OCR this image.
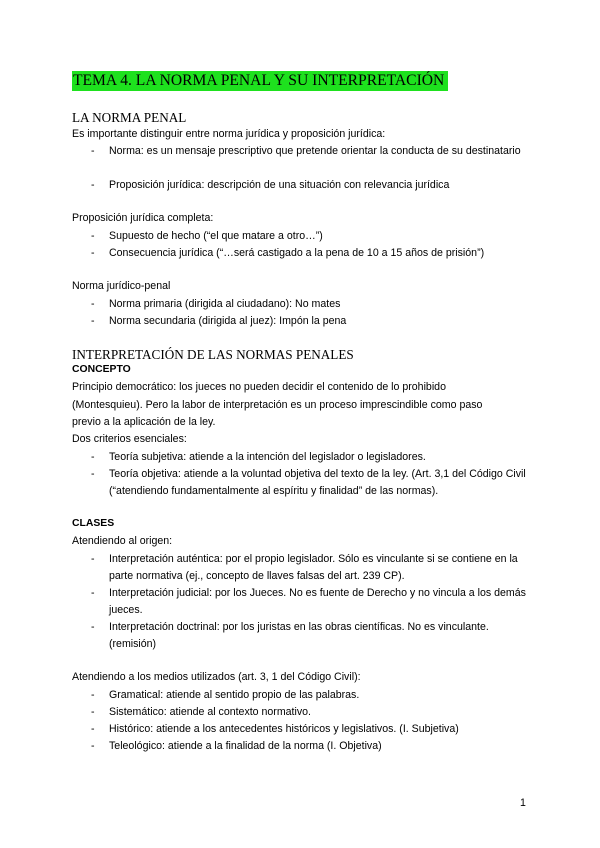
TEMA 4. LA NORMA PENAL Y SU INTERPRETACIÓN
LA NORMA PENAL

Es importante distinguir entre norma jurídica y proposición jurídica:

- Norma: es un mensaje prescriptivo que pretende orientar la conducta de su destinatario
- Proposición jurídica: descripción de una situación con relevancia jurídica

Proposición jurídica completa:

- Supuesto de hecho (“el que matare a otro…”)
- Consecuencia jurídica (“…será castigado a la pena de 10 a 15 años de prisión”)

Norma jurídico-penal

- Norma primaria (dirigida al ciudadano): No mates
- Norma secundaria (dirigida al juez): Impón la pena
INTERPRETACIÓN DE LAS NORMAS PENALES
CONCEPTO

Principio democrático: los jueces no pueden decidir el contenido de lo prohibido

(Montesquieu). Pero la labor de interpretación es un proceso imprescindible como paso

previo a la aplicación de la ley.

Dos criterios esenciales:

- Teoría subjetiva: atiende a la intención del legislador o legisladores.
- Teoría objetiva: atiende a la voluntad objetiva del texto de la ley. (Art. 3,1 del Código Civil (“atendiendo fundamentalmente al espíritu y finalidad” de las normas).
CLASES

Atendiendo al origen:

- Interpretación auténtica: por el propio legislador. Sólo es vinculante si se contiene en la parte normativa (ej., concepto de llaves falsas del art. 239 CP).
- Interpretación judicial: por los Jueces. No es fuente de Derecho y no vincula a los demás jueces.
- Interpretación doctrinal: por los juristas en las obras científicas. No es vinculante. (remisión)

Atendiendo a los medios utilizados (art. 3, 1 del Código Civil):

- Gramatical: atiende al sentido propio de las palabras.
- Sistemático: atiende al contexto normativo.
- Histórico: atiende a los antecedentes históricos y legislativos. (I. Subjetiva)
- Teleológico: atiende a la finalidad de la norma (I. Objetiva)
1
